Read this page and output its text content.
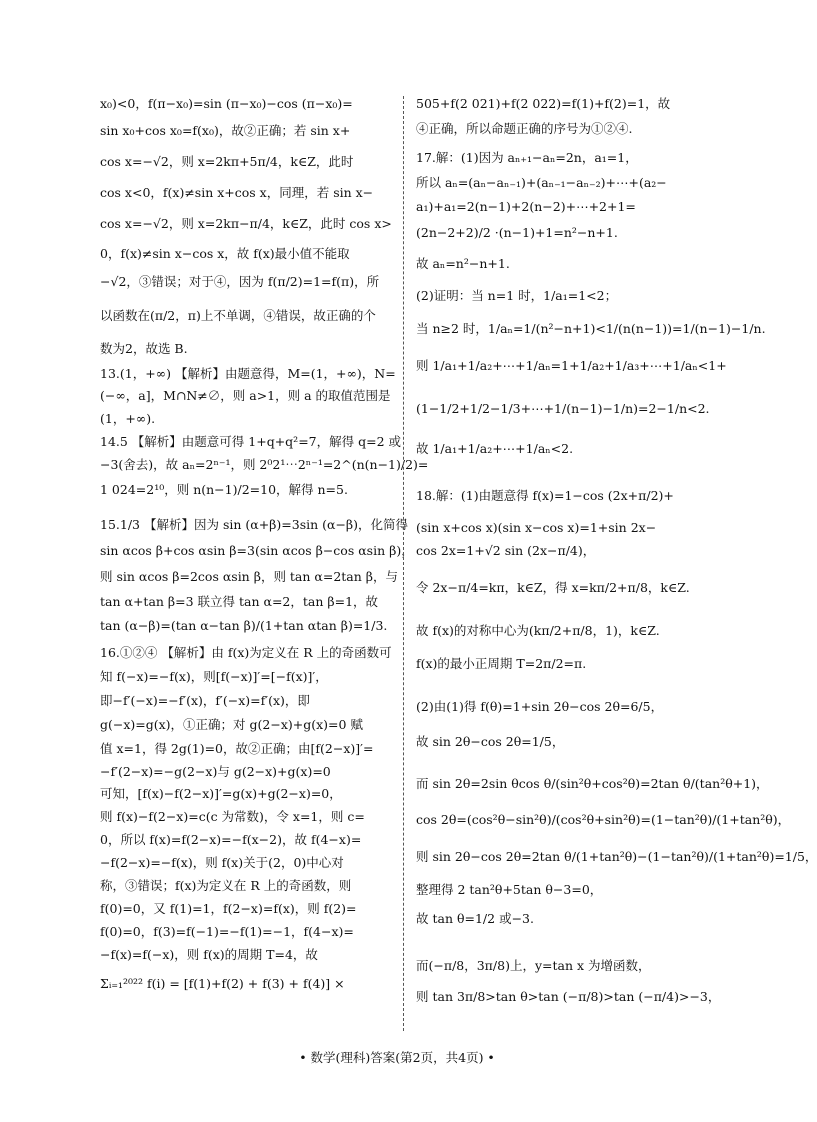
x₀)<0，f(π−x₀)=sin (π−x₀)−cos (π−x₀)=
sin x₀+cos x₀=f(x₀)，故②正确；若 sin x+
cos x=−√2，则 x=2kπ+5π/4，k∈Z，此时
cos x<0，f(x)≠sin x+cos x，同理，若 sin x−
cos x=−√2，则 x=2kπ−π/4，k∈Z，此时 cos x>
0，f(x)≠sin x−cos x，故 f(x)最小值不能取
−√2，③错误；对于④，因为 f(π/2)=1=f(π)，所
以函数在(π/2，π)上不单调，④错误，故正确的个
数为2，故选 B.
13.(1，+∞) 【解析】由题意得，M=(1，+∞)，N=
(−∞，a]，M∩N≠∅，则 a>1，则 a 的取值范围是
(1，+∞).
14.5 【解析】由题意可得 1+q+q²=7，解得 q=2 或
−3(舍去)，故 aₙ=2ⁿ⁻¹，则 2⁰2¹⋯2ⁿ⁻¹=2^(n(n−1)/2)=
1 024=2¹⁰，则 n(n−1)/2=10，解得 n=5.
15.1/3 【解析】因为 sin (α+β)=3sin (α−β)，化简得
sin αcos β+cos αsin β=3(sin αcos β−cos αsin β)，
则 sin αcos β=2cos αsin β，则 tan α=2tan β，与
tan α+tan β=3 联立得 tan α=2，tan β=1，故
tan (α−β)=(tan α−tan β)/(1+tan αtan β)=1/3.
16.①②④ 【解析】由 f(x)为定义在 R 上的奇函数可
知 f(−x)=−f(x)，则[f(−x)]′=[−f(x)]′，
即−f′(−x)=−f′(x)，f′(−x)=f′(x)，即
g(−x)=g(x)，①正确；对 g(2−x)+g(x)=0 赋
值 x=1，得 2g(1)=0，故②正确；由[f(2−x)]′=
−f′(2−x)=−g(2−x)与 g(2−x)+g(x)=0
可知，[f(x)−f(2−x)]′=g(x)+g(2−x)=0，
则 f(x)−f(2−x)=c(c 为常数)，令 x=1，则 c=
0，所以 f(x)=f(2−x)=−f(x−2)，故 f(4−x)=
−f(2−x)=−f(x)，则 f(x)关于(2，0)中心对
称，③错误；f(x)为定义在 R 上的奇函数，则
f(0)=0，又 f(1)=1，f(2−x)=f(x)，则 f(2)=
f(0)=0，f(3)=f(−1)=−f(1)=−1，f(4−x)=
−f(x)=f(−x)，则 f(x)的周期 T=4，故
Σᵢ₌₁²⁰²² f(i) = [f(1)+f(2) + f(3) + f(4)] ×
505+f(2 021)+f(2 022)=f(1)+f(2)=1，故
④正确，所以命题正确的序号为①②④.
17.解：(1)因为 aₙ₊₁−aₙ=2n，a₁=1，
所以 aₙ=(aₙ−aₙ₋₁)+(aₙ₋₁−aₙ₋₂)+⋯+(a₂−
a₁)+a₁=2(n−1)+2(n−2)+⋯+2+1=
(2n−2+2)/2 ·(n−1)+1=n²−n+1.
故 aₙ=n²−n+1.
(2)证明：当 n=1 时，1/a₁=1<2；
当 n≥2 时，1/aₙ=1/(n²−n+1)<1/(n(n−1))=1/(n−1)−1/n.
则 1/a₁+1/a₂+⋯+1/aₙ=1+1/a₂+1/a₃+⋯+1/aₙ<1+
(1−1/2+1/2−1/3+⋯+1/(n−1)−1/n)=2−1/n<2.
故 1/a₁+1/a₂+⋯+1/aₙ<2.
18.解：(1)由题意得 f(x)=1−cos (2x+π/2)+
(sin x+cos x)(sin x−cos x)=1+sin 2x−
cos 2x=1+√2 sin (2x−π/4)，
令 2x−π/4=kπ，k∈Z，得 x=kπ/2+π/8，k∈Z.
故 f(x)的对称中心为(kπ/2+π/8，1)，k∈Z.
f(x)的最小正周期 T=2π/2=π.
(2)由(1)得 f(θ)=1+sin 2θ−cos 2θ=6/5，
故 sin 2θ−cos 2θ=1/5，
而 sin 2θ=2sin θcos θ/(sin²θ+cos²θ)=2tan θ/(tan²θ+1)，
cos 2θ=(cos²θ−sin²θ)/(cos²θ+sin²θ)=(1−tan²θ)/(1+tan²θ)，
则 sin 2θ−cos 2θ=2tan θ/(1+tan²θ)−(1−tan²θ)/(1+tan²θ)=1/5，
整理得 2 tan²θ+5tan θ−3=0，
故 tan θ=1/2 或−3.
而(−π/8，3π/8)上，y=tan x 为增函数，
则 tan 3π/8>tan θ>tan (−π/8)>tan (−π/4)>−3，
• 数学(理科)答案(第2页，共4页) •
